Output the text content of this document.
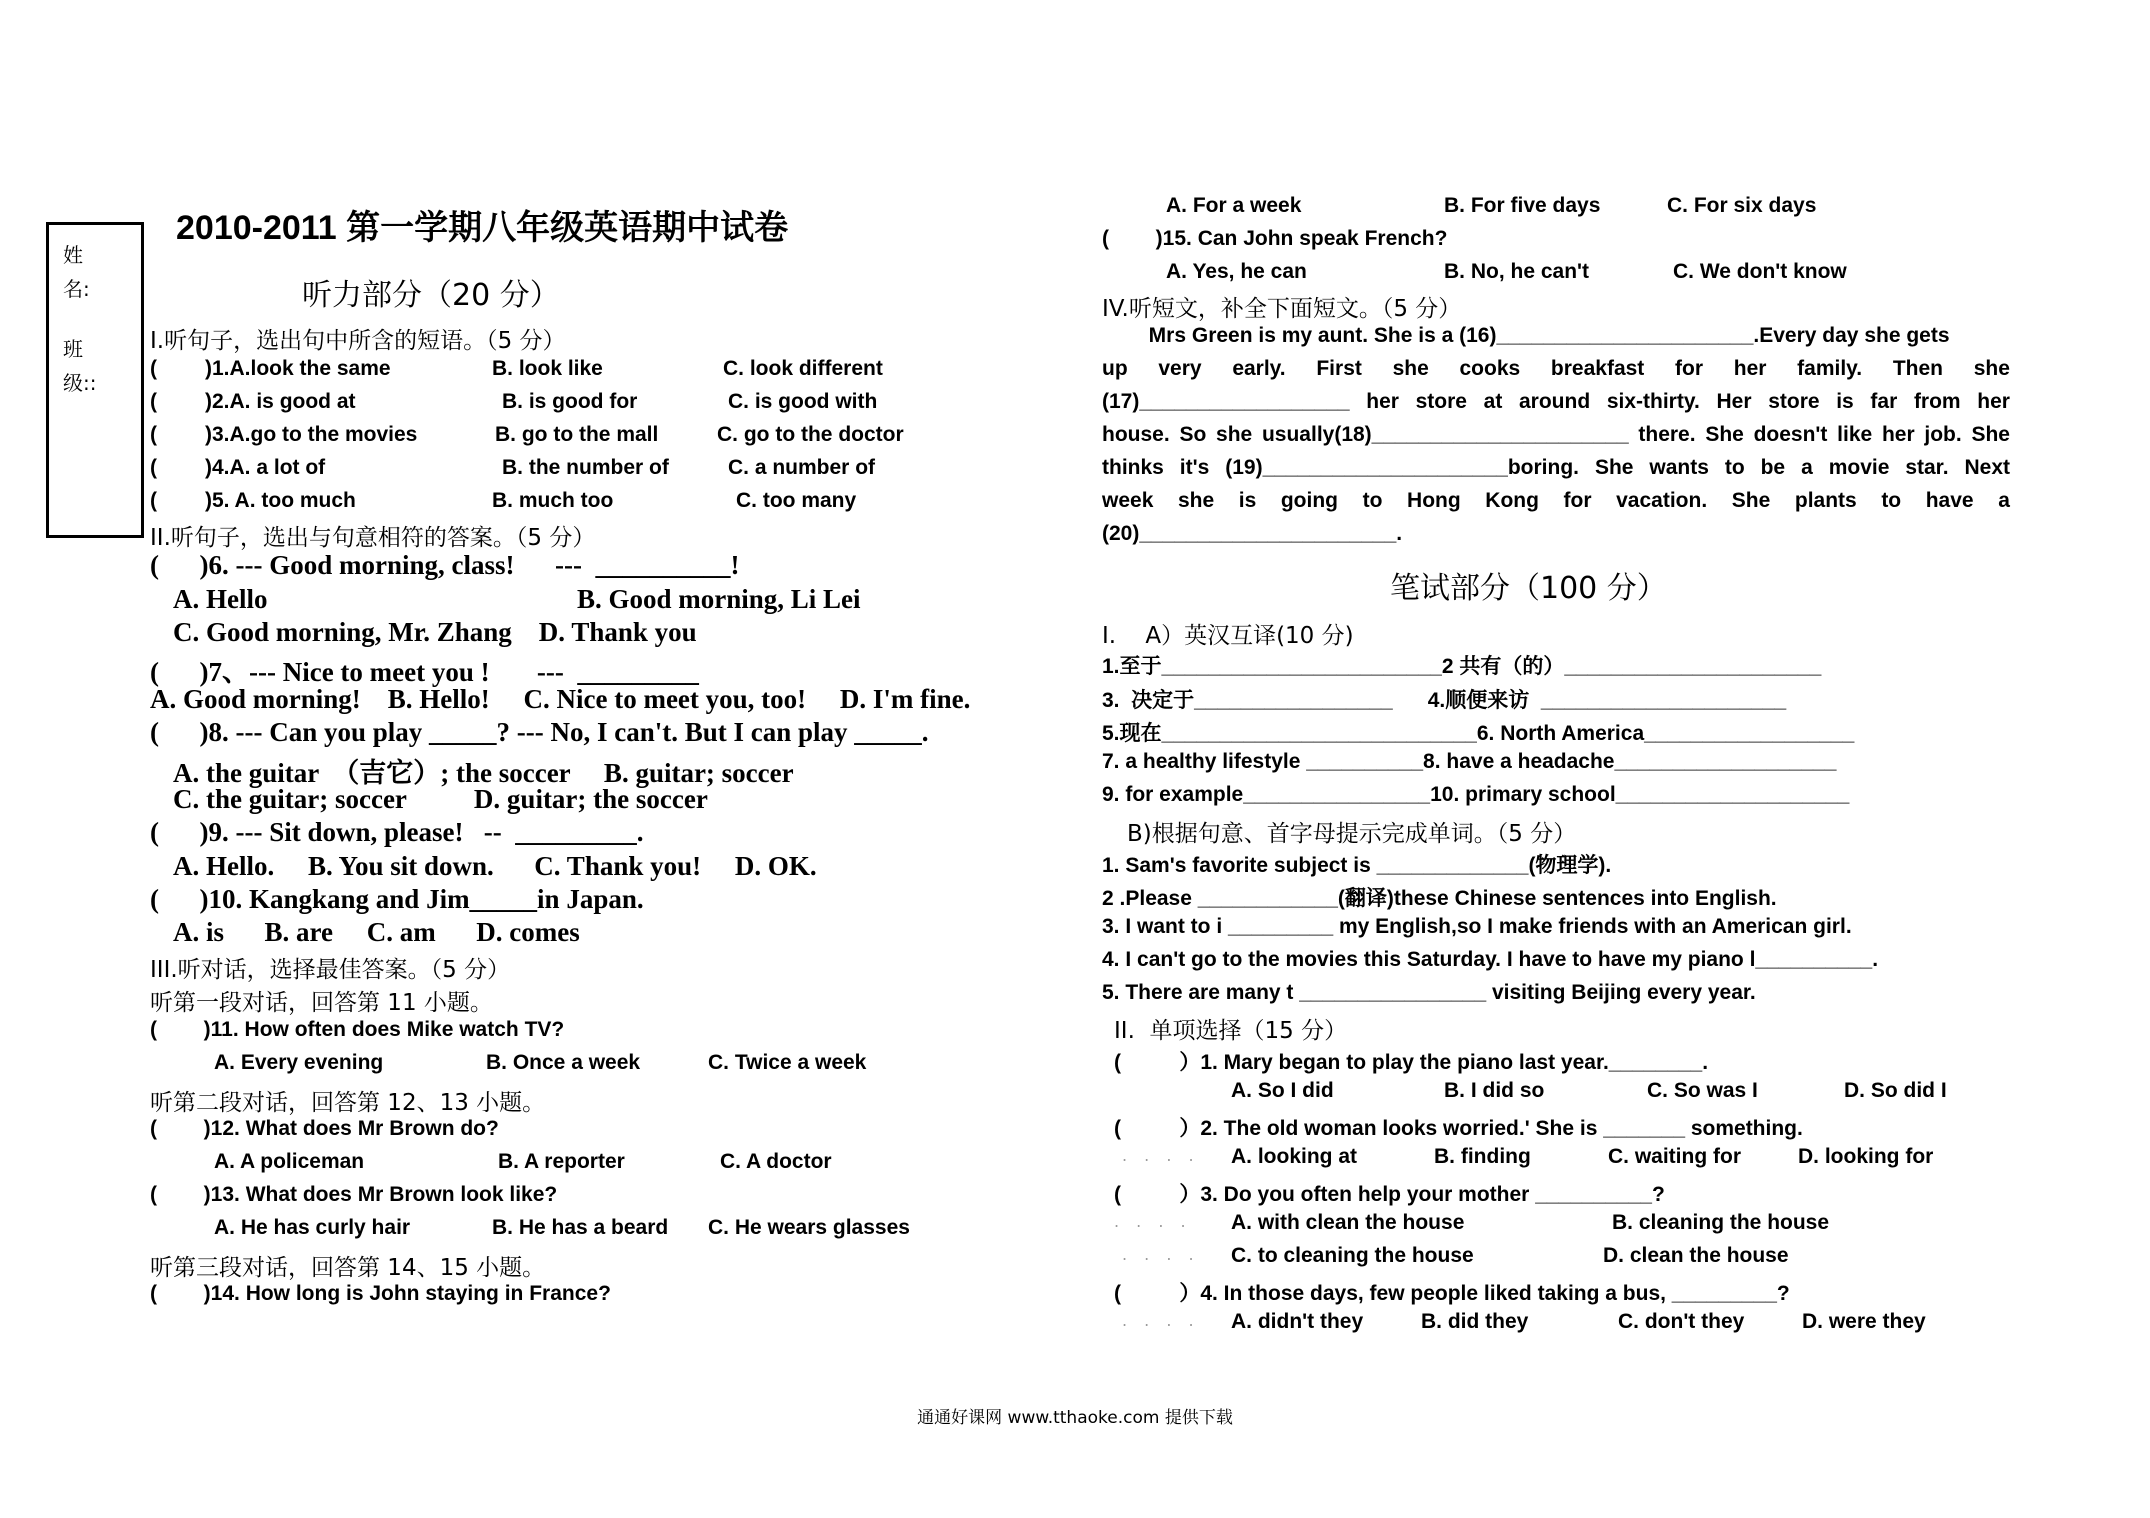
姓
名:
班
级::
2010-2011 第一学期八年级英语期中试卷
听力部分（20 分）
I.听句子，选出句中所含的短语。（5 分）
( )1.A.look the same	B. look like	C. look different
( )2.A. is good at	B. is good for	C. is good with
( )3.A.go to the movies	B. go to the mall	C. go to the doctor
( )4.A. a lot of	B. the number of	C. a number of
( )5. A. too much	B. much too	C. too many
II.听句子，选出与句意相符的答案。（5 分）
(      )6. --- Good morning, class!      ---  __________!
A. Hello	B. Good morning, Li Lei
C. Good morning, Mr. Zhang    D. Thank you
(      )7、--- Nice to meet you !       ---  _________
A. Good morning!    B. Hello!     C. Nice to meet you, too!     D. I'm fine.
(      )8. --- Can you play _____? --- No, I can't. But I can play _____.
A. the guitar  （吉它）; the soccer     B. guitar; soccer
C. the guitar; soccer          D. guitar; the soccer
(      )9. --- Sit down, please!   --  _________.
A. Hello.     B. You sit down.      C. Thank you!     D. OK.
(      )10. Kangkang and Jim_____in Japan.
A. is      B. are     C. am      D. comes
III.听对话，选择最佳答案。（5 分）
听第一段对话，回答第 11 小题。
(        )11. How often does Mike watch TV?
A. Every evening	B. Once a week	C. Twice a week
听第二段对话，回答第 12、13 小题。
(        )12. What does Mr Brown do?
A. A policeman	B. A reporter	C. A doctor
(        )13. What does Mr Brown look like?
A. He has curly hair	B. He has a beard C. He wears glasses
听第三段对话，回答第 14、15 小题。
(        )14. How long is John staying in France?
A. For a week	B. For five days	C. For six days
(        )15. Can John speak French?
A. Yes, he can	B. No, he can't	C. We don't know
IV.听短文，补全下面短文。（5 分）
Mrs Green is my aunt. She is a (16)______________________.Every day she gets
up very early. First she cooks breakfast for her family. Then she
(17)__________________ her store at around six-thirty. Her store is far from her
house. So she usually(18)______________________ there. She doesn't like her job. She
thinks it's (19)_____________________boring. She wants to be a movie star. Next
week she is going to Hong Kong for vacation. She plants to have a
(20)______________________.
笔试部分（100 分）
I.    A）英汉互译(10 分)
1.至于________________________2 共有（的）______________________
3.  决定于_________________      4.顺便来访  _____________________
5.现在___________________________6. North America__________________
7. a healthy lifestyle __________8. have a headache___________________
9. for example________________10. primary school____________________
B)根据句意、首字母提示完成单词。（5 分）
1. Sam's favorite subject is _____________(物理学).
2 .Please ____________(翻译)these Chinese sentences into English.
3. I want to i _________ my English,so I make friends with an American girl.
4. I can't go to the movies this Saturday. I have to have my piano l__________.
5. There are many t ________________ visiting Beijing every year.
II.  单项选择（15 分）
(          ）1. Mary began to play the piano last year.________.
A. So I did	B. I did so	C. So was I	D. So did I
(          ）2. The old woman looks worried.' She is _______ something.
. . . . A. looking at	B. finding	C. waiting for	D. looking for
(          ）3. Do you often help your mother __________?
. . . . A. with clean the house	B. cleaning the house
. . . . C. to cleaning the house	D. clean the house
(          ）4. In those days, few people liked taking a bus, _________?
. . . . A. didn't they	B. did they	C. don't they	D. were they
通通好课网 www.tthaoke.com 提供下载
